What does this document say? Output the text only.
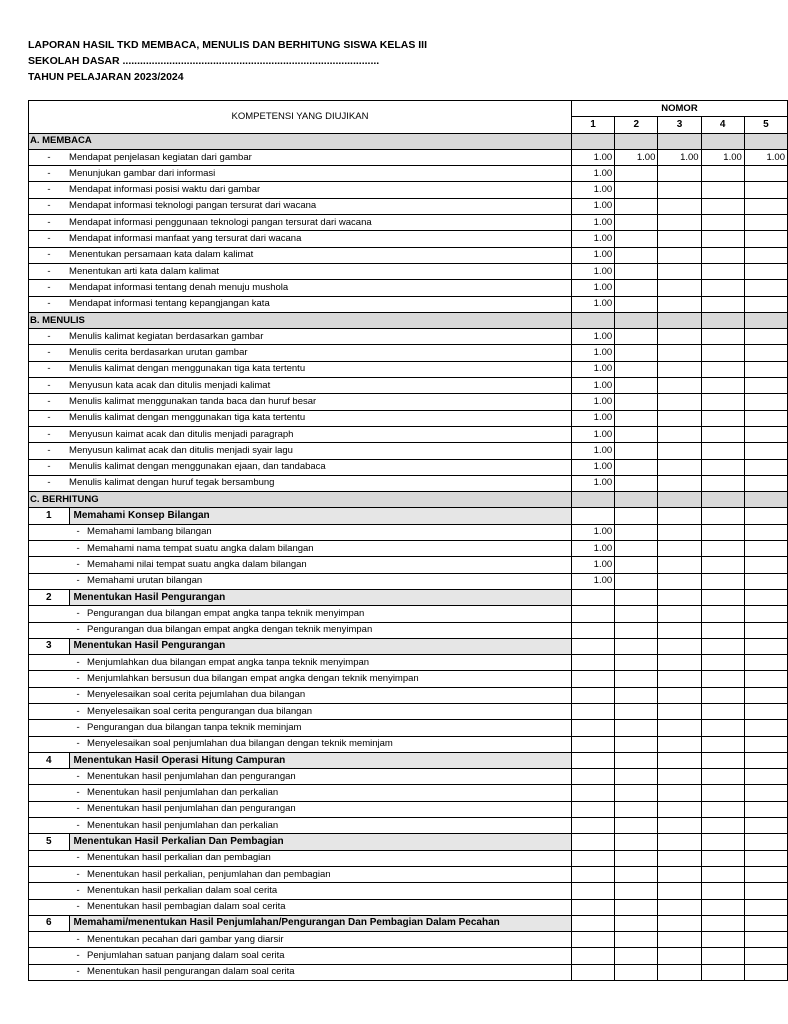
LAPORAN HASIL TKD MEMBACA, MENULIS DAN BERHITUNG SISWA KELAS III
SEKOLAH DASAR ........................................................................................
TAHUN PELAJARAN 2023/2024
KOMPETENSI YANG DIUJIKAN		NOMOR				
		1	2	3	4	5
A. MEMBACA						
-	Mendapat penjelasan kegiatan dari gambar	1.00	1.00	1.00	1.00	1.00
-	Menunjukan gambar dari informasi	1.00				
-	Mendapat informasi posisi waktu dari gambar	1.00				
-	Mendapat informasi teknologi pangan tersurat dari wacana	1.00				
-	Mendapat informasi penggunaan teknologi pangan tersurat dari wacana	1.00				
-	Mendapat informasi manfaat yang tersurat dari wacana	1.00				
-	Menentukan persamaan kata dalam kalimat	1.00				
-	Menentukan arti kata dalam kalimat	1.00				
-	Mendapat informasi tentang denah menuju mushola	1.00				
-	Mendapat informasi tentang kepangjangan kata	1.00				
B. MENULIS						
-	Menulis kalimat kegiatan berdasarkan gambar	1.00				
-	Menulis cerita berdasarkan urutan gambar	1.00				
-	Menulis kalimat dengan menggunakan tiga kata tertentu	1.00				
-	Menyusun kata acak dan ditulis menjadi kalimat	1.00				
-	Menulis kalimat menggunakan tanda baca dan huruf besar	1.00				
-	Menulis kalimat dengan menggunakan tiga kata tertentu	1.00				
-	Menyusun kaimat acak dan ditulis menjadi paragraph	1.00				
-	Menyusun kalimat acak dan ditulis menjadi syair lagu	1.00				
-	Menulis kalimat dengan menggunakan ejaan, dan tandabaca	1.00				
-	Menulis kalimat dengan huruf tegak bersambung	1.00				
C. BERHITUNG						
1	Memahami Konsep Bilangan					
	- Memahami lambang bilangan	1.00				
	- Memahami nama tempat suatu angka dalam bilangan	1.00				
	- Memahami nilai tempat suatu angka dalam bilangan	1.00				
	- Memahami urutan bilangan	1.00				
2	Menentukan Hasil Pengurangan					
	- Pengurangan dua bilangan empat angka tanpa teknik menyimpan					
	- Pengurangan dua bilangan empat angka dengan teknik menyimpan					
3	Menentukan Hasil Pengurangan					
	- Menjumlahkan dua bilangan empat angka tanpa teknik menyimpan					
	- Menjumlahkan bersusun dua bilangan empat angka dengan teknik menyimpan					
	- Menyelesaikan soal cerita pejumlahan dua bilangan					
	- Menyelesaikan soal cerita pengurangan dua bilangan					
	- Pengurangan dua bilangan tanpa teknik meminjam					
	- Menyelesaikan soal penjumlahan dua bilangan dengan teknik meminjam					
4	Menentukan Hasil Operasi Hitung Campuran					
	- Menentukan hasil penjumlahan dan pengurangan					
	- Menentukan hasil penjumlahan dan perkalian					
	- Menentukan hasil penjumlahan dan pengurangan					
	- Menentukan hasil penjumlahan dan perkalian					
5	Menentukan Hasil Perkalian Dan Pembagian					
	- Menentukan hasil perkalian dan pembagian					
	- Menentukan hasil perkalian, penjumlahan dan pembagian					
	- Menentukan hasil perkalian dalam soal cerita					
	- Menentukan hasil pembagian dalam soal cerita					
6	Memahami/menentukan Hasil Penjumlahan/Pengurangan Dan Pembagian Dalam Pecahan					
	- Menentukan pecahan dari gambar yang diarsir					
	- Penjumlahan satuan panjang dalam soal cerita					
	- Menentukan hasil pengurangan dalam soal cerita					
